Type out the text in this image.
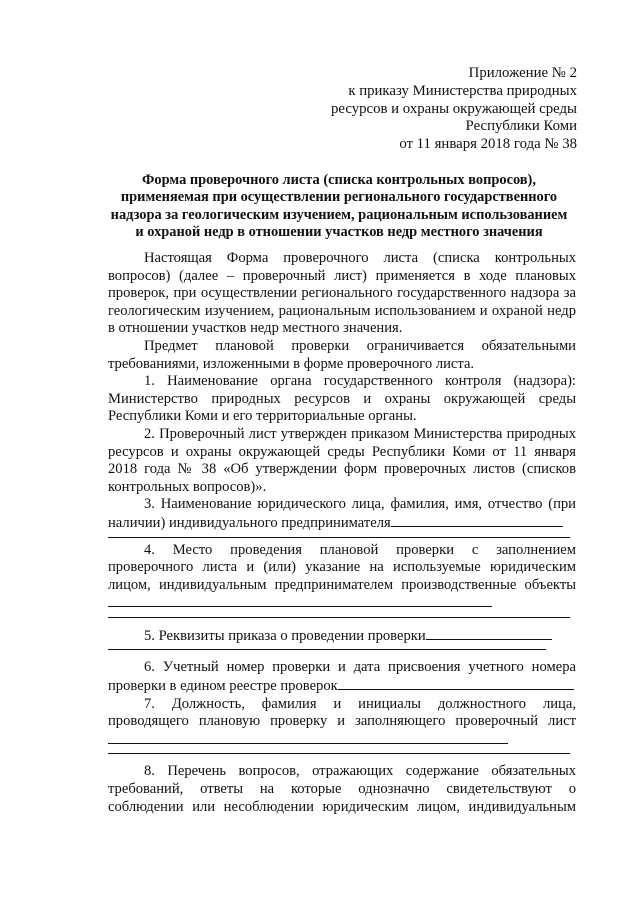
Приложение № 2
к приказу Министерства природных
ресурсов и охраны окружающей среды
Республики Коми
от 11 января 2018 года № 38
Форма проверочного листа (списка контрольных вопросов),
применяемая при осуществлении регионального государственного
надзора за геологическим изучением, рациональным использованием
и охраной недр в отношении участков недр местного значения

Настоящая Форма проверочного листа (списка контрольных вопросов) (далее – проверочный лист) применяется в ходе плановых проверок, при осуществлении регионального государственного надзора за геологическим изучением, рациональным использованием и охраной недр в отношении участков недр местного значения.

Предмет плановой проверки ограничивается обязательными требованиями, изложенными в форме проверочного листа.

1. Наименование органа государственного контроля (надзора): Министерство природных ресурсов и охраны окружающей среды Республики Коми и его территориальные органы.

2. Проверочный лист утвержден приказом Министерства природных ресурсов и охраны окружающей среды Республики Коми от 11 января 2018 года № 38 «Об утверждении форм проверочных листов (списков контрольных вопросов)».

3. Наименование юридического лица, фамилия, имя, отчество (при наличии) индивидуального предпринимателя

4. Место проведения плановой проверки с заполнением проверочного листа и (или) указание на используемые юридическим лицом, индивидуальным предпринимателем производственные объекты

5. Реквизиты приказа о проведении проверки

6. Учетный номер проверки и дата присвоения учетного номера проверки в едином реестре проверок

7. Должность, фамилия и инициалы должностного лица, проводящего плановую проверку и заполняющего проверочный лист

8. Перечень вопросов, отражающих содержание обязательных требований, ответы на которые однозначно свидетельствуют о соблюдении или несоблюдении юридическим лицом, индивидуальным
